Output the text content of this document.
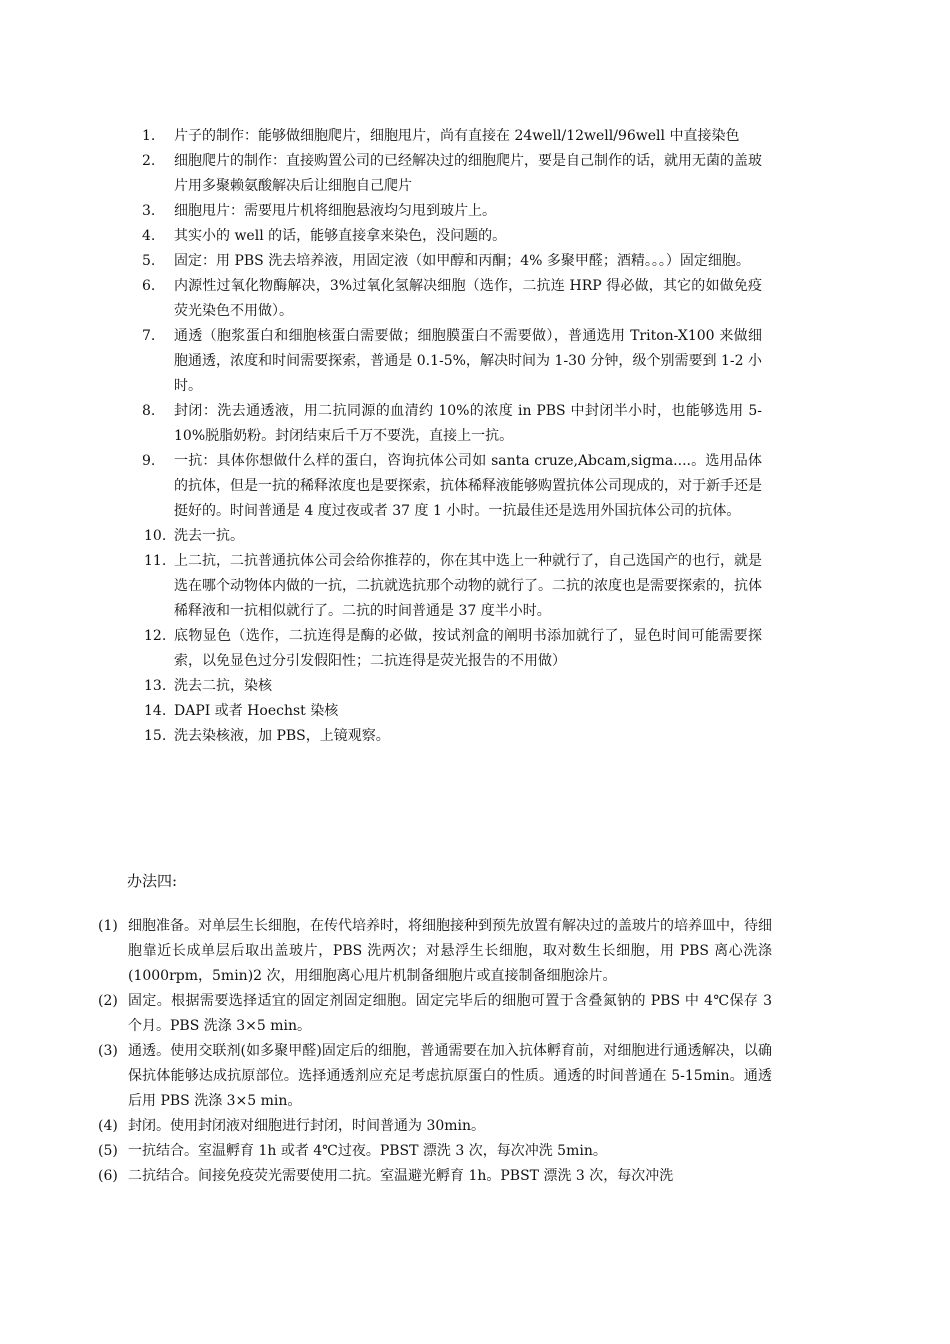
1.	片子的制作：能够做细胞爬片，细胞甩片，尚有直接在 24well/12well/96well 中直接染色
2.	细胞爬片的制作：直接购置公司的已经解决过的细胞爬片，要是自己制作的话，就用无菌的盖玻片用多聚赖氨酸解决后让细胞自己爬片
3.	细胞甩片：需要甩片机将细胞悬液均匀甩到玻片上。
4.	其实小的 well 的话，能够直接拿来染色，没问题的。
5.	固定：用 PBS 洗去培养液，用固定液（如甲醇和丙酮；4% 多聚甲醛；酒精。。。）固定细胞。
6.	内源性过氧化物酶解决，3%过氧化氢解决细胞（选作，二抗连 HRP 得必做，其它的如做免疫荧光染色不用做）。
7.	通透（胞浆蛋白和细胞核蛋白需要做；细胞膜蛋白不需要做），普通选用 Triton-X100 来做细胞通透，浓度和时间需要探索，普通是 0.1-5%，解决时间为 1-30 分钟，级个别需要到 1-2 小时。
8.	封闭：洗去通透液，用二抗同源的血清约 10%的浓度 in PBS 中封闭半小时，也能够选用 5-10%脱脂奶粉。封闭结束后千万不要洗，直接上一抗。
9.	一抗：具体你想做什么样的蛋白，咨询抗体公司如 santa cruze,Abcam,sigma....。选用品体的抗体，但是一抗的稀释浓度也是要探索，抗体稀释液能够购置抗体公司现成的，对于新手还是挺好的。时间普通是 4 度过夜或者 37 度 1 小时。一抗最佳还是选用外国抗体公司的抗体。
10. 洗去一抗。
11. 上二抗，二抗普通抗体公司会给你推荐的，你在其中选上一种就行了，自己选国产的也行，就是选在哪个动物体内做的一抗，二抗就选抗那个动物的就行了。二抗的浓度也是需要探索的，抗体稀释液和一抗相似就行了。二抗的时间普通是 37 度半小时。
12. 底物显色（选作，二抗连得是酶的必做，按试剂盒的阐明书添加就行了，显色时间可能需要探索，以免显色过分引发假阳性；二抗连得是荧光报告的不用做）
13. 洗去二抗，染核
14. DAPI 或者 Hoechst 染核
15. 洗去染核液，加 PBS，上镜观察。
办法四:
(1) 细胞准备。对单层生长细胞，在传代培养时，将细胞接种到预先放置有解决过的盖玻片的培养皿中，待细胞靠近长成单层后取出盖玻片，PBS 洗两次；对悬浮生长细胞，取对数生长细胞，用 PBS 离心洗涤(1000rpm，5min)2 次，用细胞离心甩片机制备细胞片或直接制备细胞涂片。
(2) 固定。根据需要选择适宜的固定剂固定细胞。固定完毕后的细胞可置于含叠氮钠的 PBS 中 4℃保存 3 个月。PBS 洗涤 3×5 min。
(3) 通透。使用交联剂(如多聚甲醛)固定后的细胞，普通需要在加入抗体孵育前，对细胞进行通透解决，以确保抗体能够达成抗原部位。选择通透剂应充足考虑抗原蛋白的性质。通透的时间普通在 5-15min。通透后用 PBS 洗涤 3×5 min。
(4) 封闭。使用封闭液对细胞进行封闭，时间普通为 30min。
(5) 一抗结合。室温孵育 1h 或者 4℃过夜。PBST 漂洗 3 次，每次冲洗 5min。
(6) 二抗结合。间接免疫荧光需要使用二抗。室温避光孵育 1h。PBST 漂洗 3 次，每次冲洗
